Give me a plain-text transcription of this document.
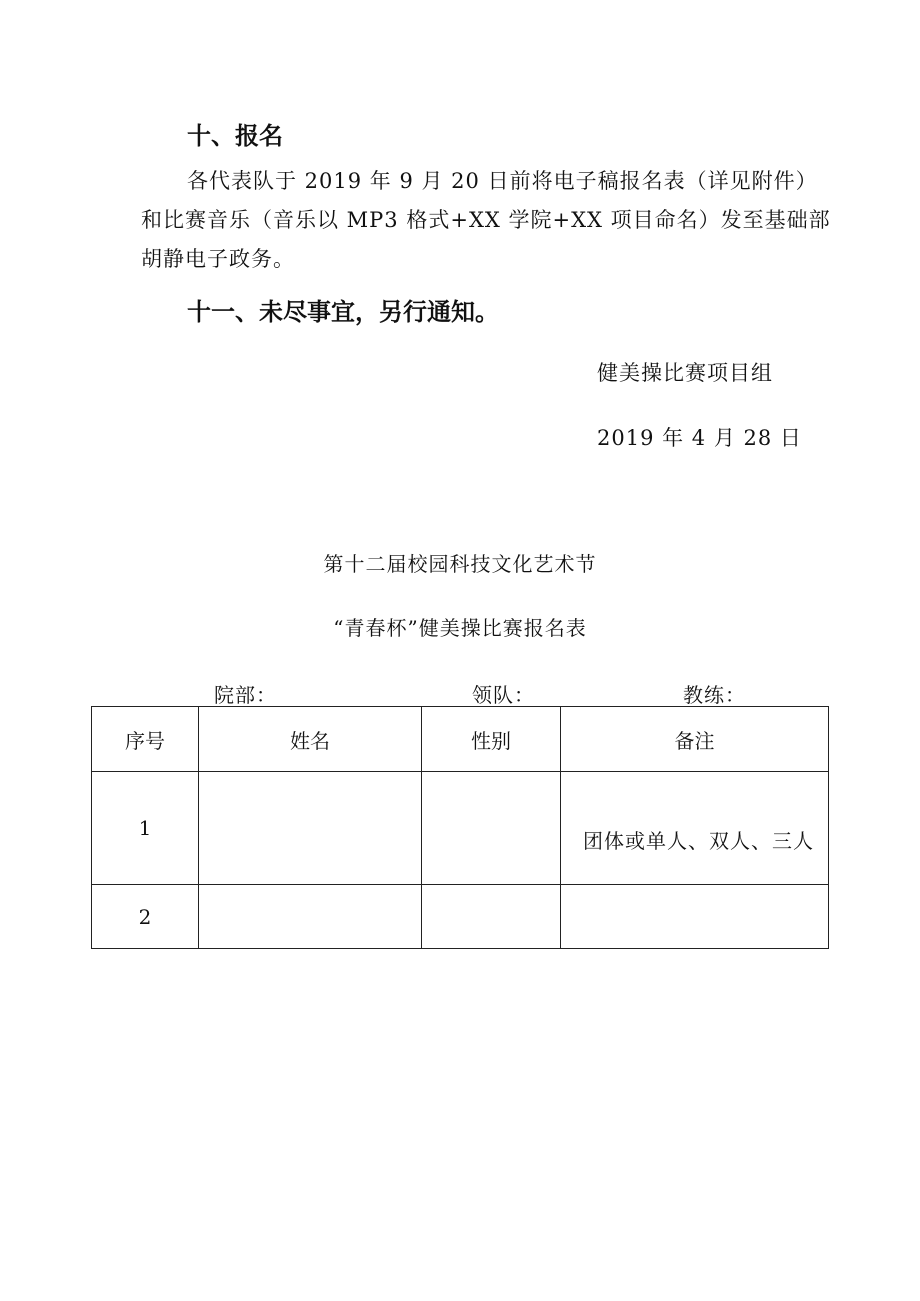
十、报名
各代表队于 2019 年 9 月 20 日前将电子稿报名表（详见附件）
和比赛音乐（音乐以 MP3 格式+XX 学院+XX 项目命名）发至基础部
胡静电子政务。
十一、未尽事宜，另行通知。
健美操比赛项目组
2019 年 4 月 28 日
第十二届校园科技文化艺术节
“青春杯”健美操比赛报名表
院部：	领队：	教练：
序号	姓名	性别	备注
1			团体或单人、双人、三人

2			
